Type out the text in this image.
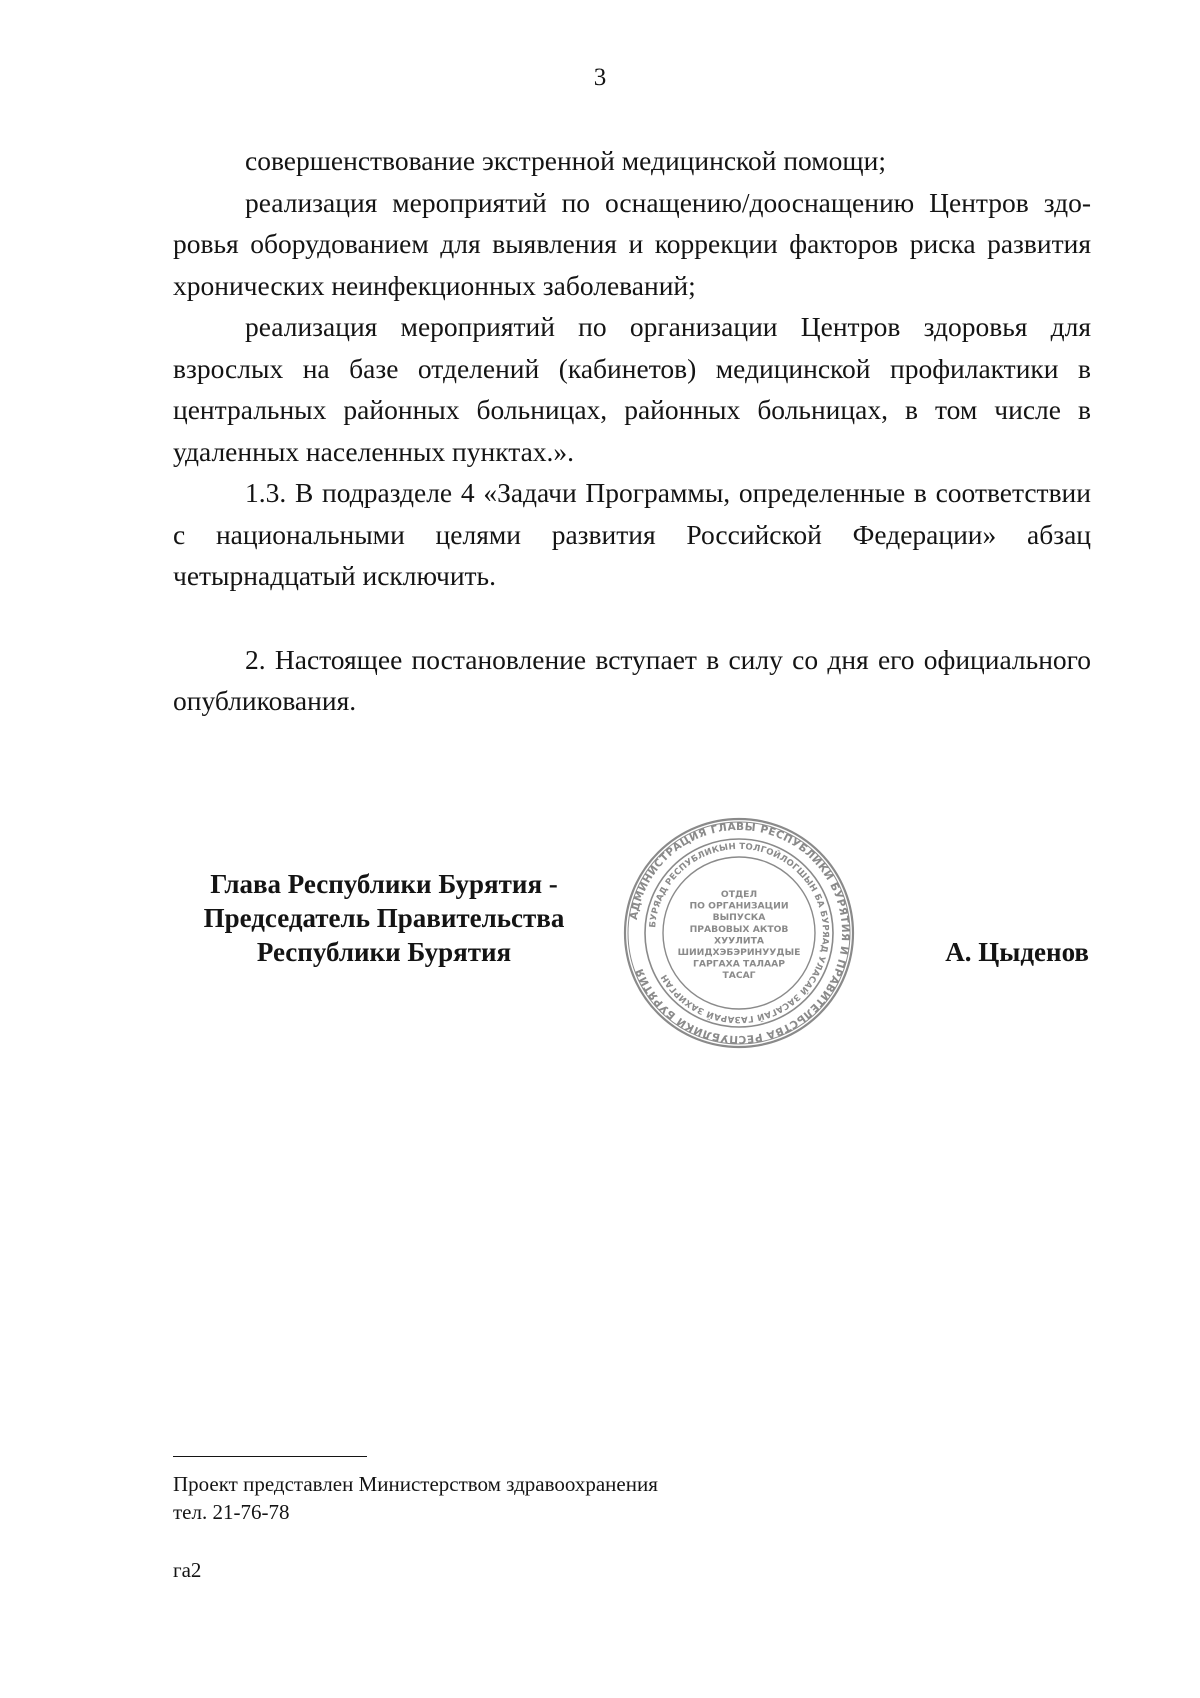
3

совершенствование экстренной медицинской помощи;

реализация мероприятий по оснащению/дооснащению Центров здоровья оборудованием для выявления и коррекции факторов риска развития хронических неинфекционных заболеваний;

реализация мероприятий по организации Центров здоровья для взрослых на базе отделений (кабинетов) медицинской профилактики в центральных районных больницах, районных больницах, в том числе в удаленных населенных пунктах.».

1.3. В подразделе 4 «Задачи Программы, определенные в соответствии с национальными целями развития Российской Федерации» абзац четырнадцатый исключить.

2. Настоящее постановление вступает в силу со дня его официального опубликования.

Глава Республики Бурятия -
Председатель Правительства
Республики Бурятия
АДМИНИСТРАЦИЯ ГЛАВЫ РЕСПУБЛИКИ БУРЯТИЯ И ПРАВИТЕЛЬСТВА РЕСПУБЛИКИ БУРЯТИЯ
БУРЯАД РЕСПУБЛИКЫН ТОЛГОЙЛОГШЫН БА БУРЯАД УЛАСАЙ ЗАСАГАЙ ГАЗАРАЙ ЗАХИРГАН
ОТДЕЛ
ПО ОРГАНИЗАЦИИ
ВЫПУСКА
ПРАВОВЫХ АКТОВ
ХУУЛИТА
ШИИДХЭБЭРИНУУДЫЕ
ГАРГАХА ТАЛААР
ТАСАГ
А. Цыденов
Проект представлен Министерством здравоохранения
тел. 21-76-78
га2
